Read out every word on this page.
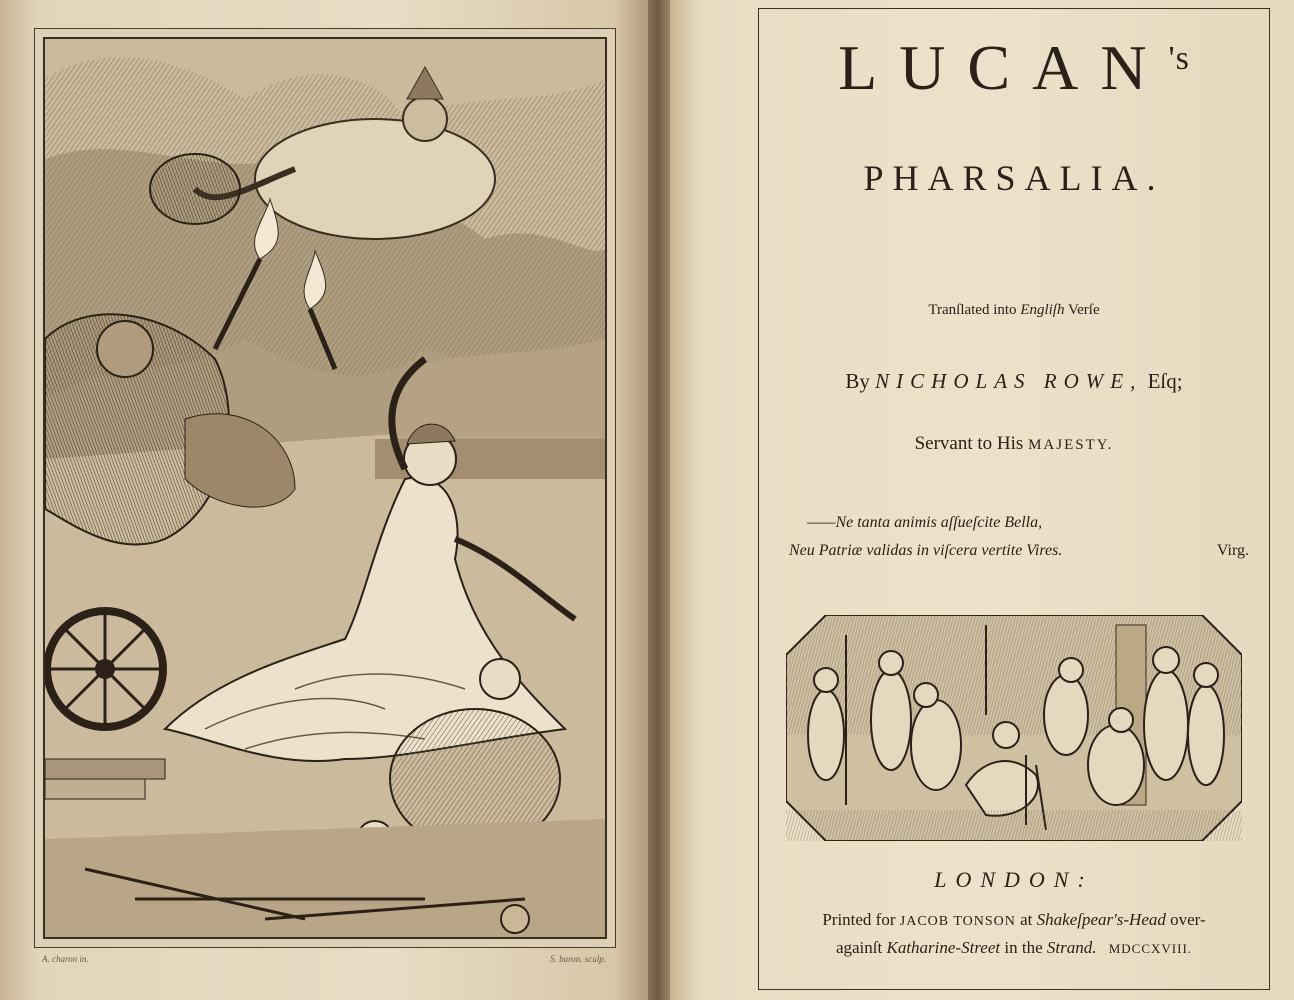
A. charon in.	S. baron. sculp.
$LUCAN^{'s}$
PHARSALIA.
Tranſlated into Engliſh Verſe
By NICHOLAS ROWE, Eſq;
Servant to His MAJESTY.
——Ne tanta animis aſſueſcite Bella,
Neu Patriæ validas in viſcera vertite Vires.	Virg.
LONDON:
Printed for JACOB TONSON at Shakeſpear's-Head over-
againſt Katharine-Street in the Strand. MDCCXVIII.
